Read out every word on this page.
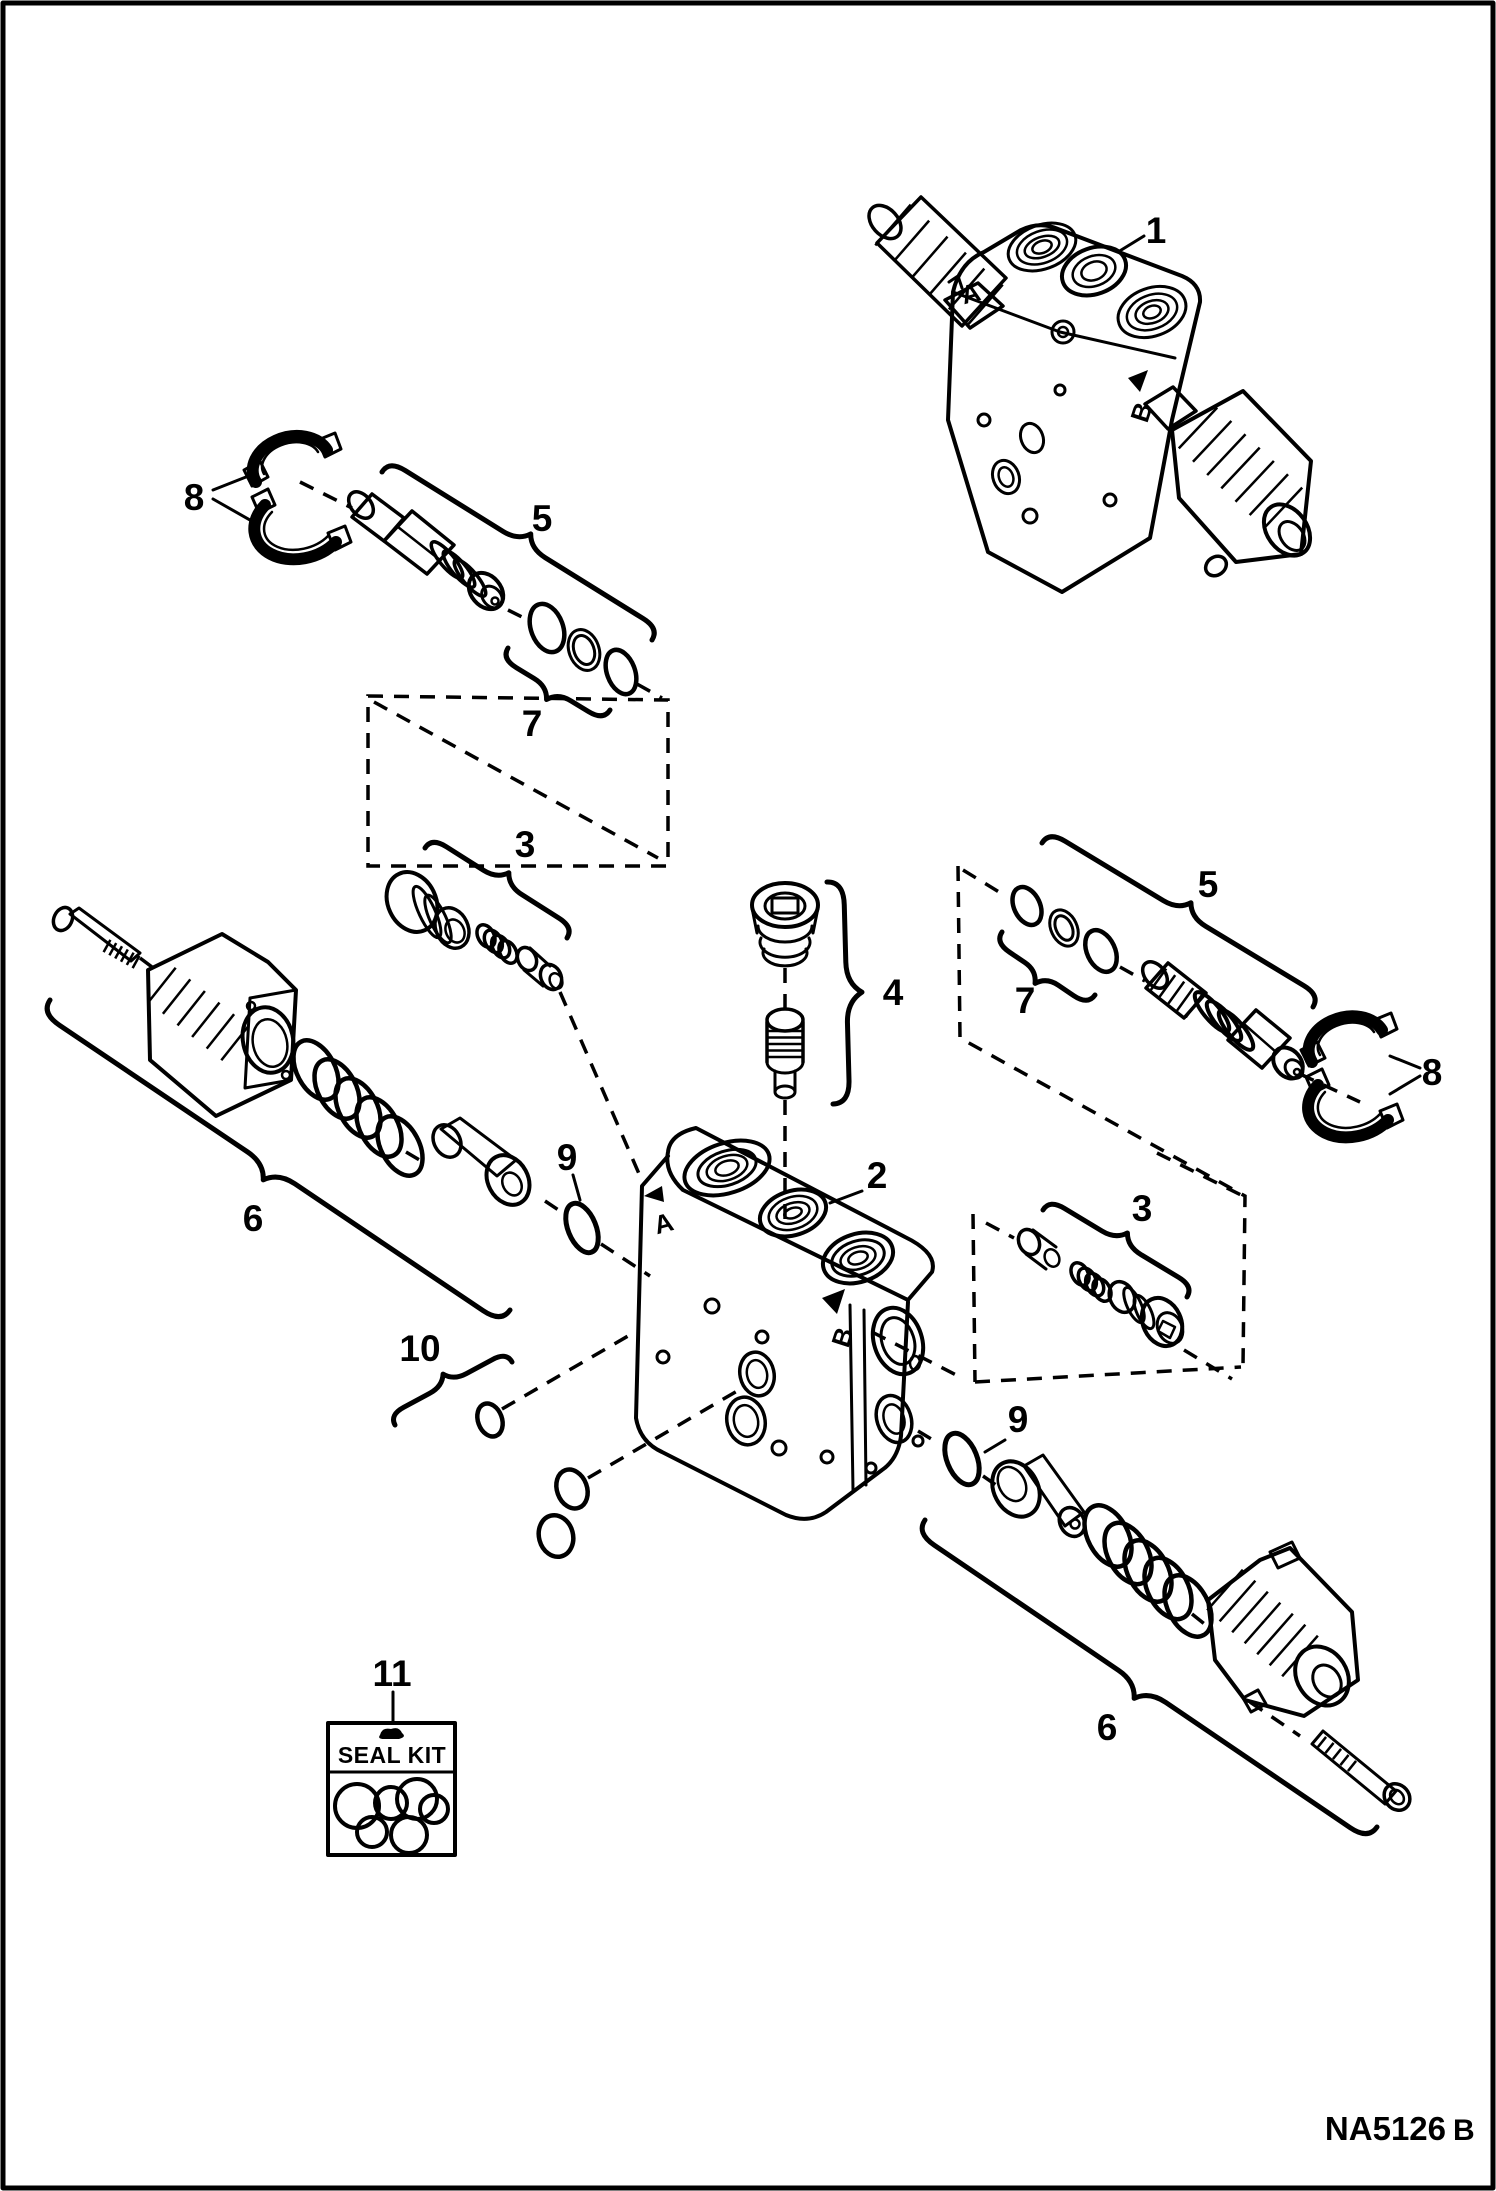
A
B
1
8
5
7
3
4
A
B
2
9
6
10
7
5
8
3
9
6
SEAL KIT
11
NA5126 B
